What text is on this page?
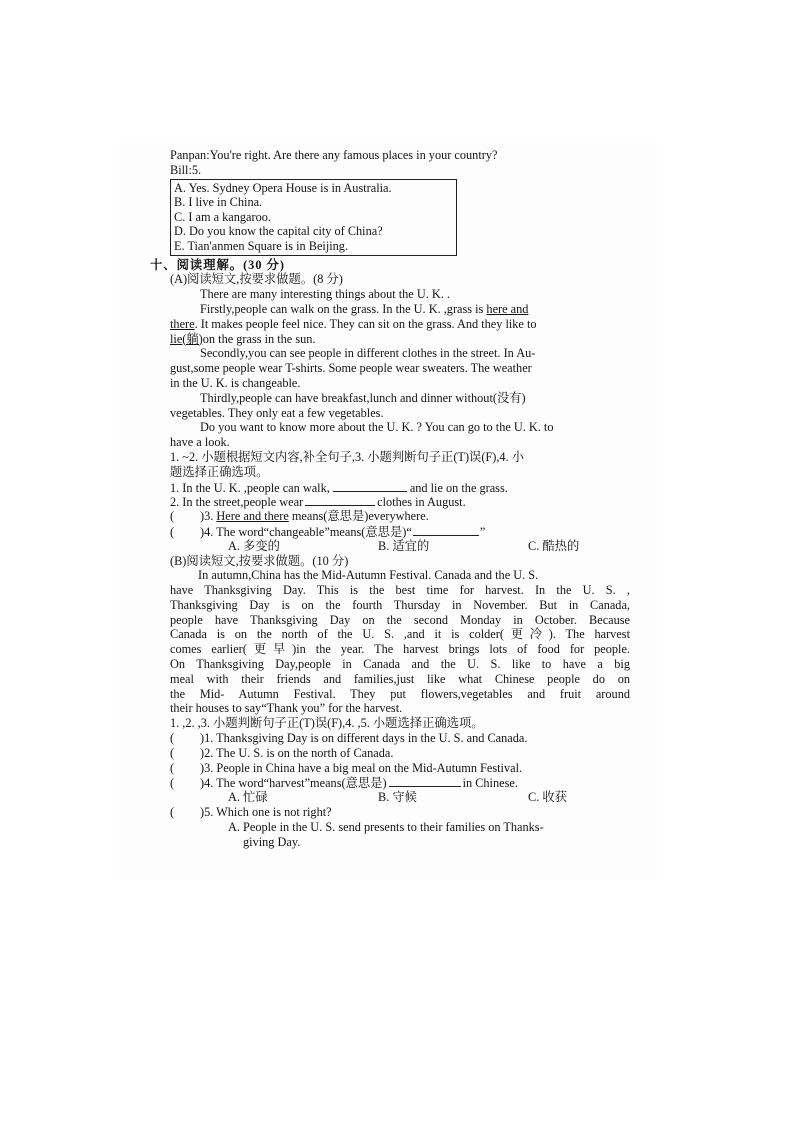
Panpan:You're right. Are there any famous places in your country?
Bill:5.
A. Yes. Sydney Opera House is in Australia.
B. I live in China.
C. I am a kangaroo.
D. Do you know the capital city of China?
E. Tian'anmen Square is in Beijing.
十、阅读理解。(30 分)
(A)阅读短文,按要求做题。(8 分)
There are many interesting things about the U. K. .
Firstly,people can walk on the grass. In the U. K. ,grass is here and
there. It makes people feel nice. They can sit on the grass. And they like to
lie(躺)on the grass in the sun.
Secondly,you can see people in different clothes in the street. In Au-
gust,some people wear T-shirts. Some people wear sweaters. The weather
in the U. K. is changeable.
Thirdly,people can have breakfast,lunch and dinner without(没有)
vegetables. They only eat a few vegetables.
Do you want to know more about the U. K. ? You can go to the U. K. to
have a look.
1. ~2. 小题根据短文内容,补全句子,3. 小题判断句子正(T)误(F),4. 小
题选择正确选项。
1. In the U. K. ,people can walk,	and lie on the grass.
2. In the street,people wear	clothes in August.
( )3. Here and there means(意思是)everywhere.
( )4. The word“changeable”means(意思是)“	”
A. 多变的	B. 适宜的	C. 酷热的
(B)阅读短文,按要求做题。(10 分)
In autumn,China has the Mid-Autumn Festival. Canada and the U. S.
have Thanksgiving Day. This is the best time for harvest. In the U. S. ,
Thanksgiving Day is on the fourth Thursday in November. But in Canada,
people have Thanksgiving Day on the second Monday in October. Because
Canada is on the north of the U. S. ,and it is colder(更冷). The harvest
comes earlier(更早)in the year. The harvest brings lots of food for people.
On Thanksgiving Day,people in Canada and the U. S. like to have a big
meal with their friends and families,just like what Chinese people do on
the Mid- Autumn Festival. They put flowers,vegetables and fruit around
their houses to say“Thank you” for the harvest.
1. ,2. ,3. 小题判断句子正(T)误(F),4. ,5. 小题选择正确选项。
( )1. Thanksgiving Day is on different days in the U. S. and Canada.
( )2. The U. S. is on the north of Canada.
( )3. People in China have a big meal on the Mid-Autumn Festival.
( )4. The word“harvest”means(意思是)	in Chinese.
A. 忙碌	B. 守候	C. 收获
( )5. Which one is not right?
A. People in the U. S. send presents to their families on Thanks-
giving Day.
